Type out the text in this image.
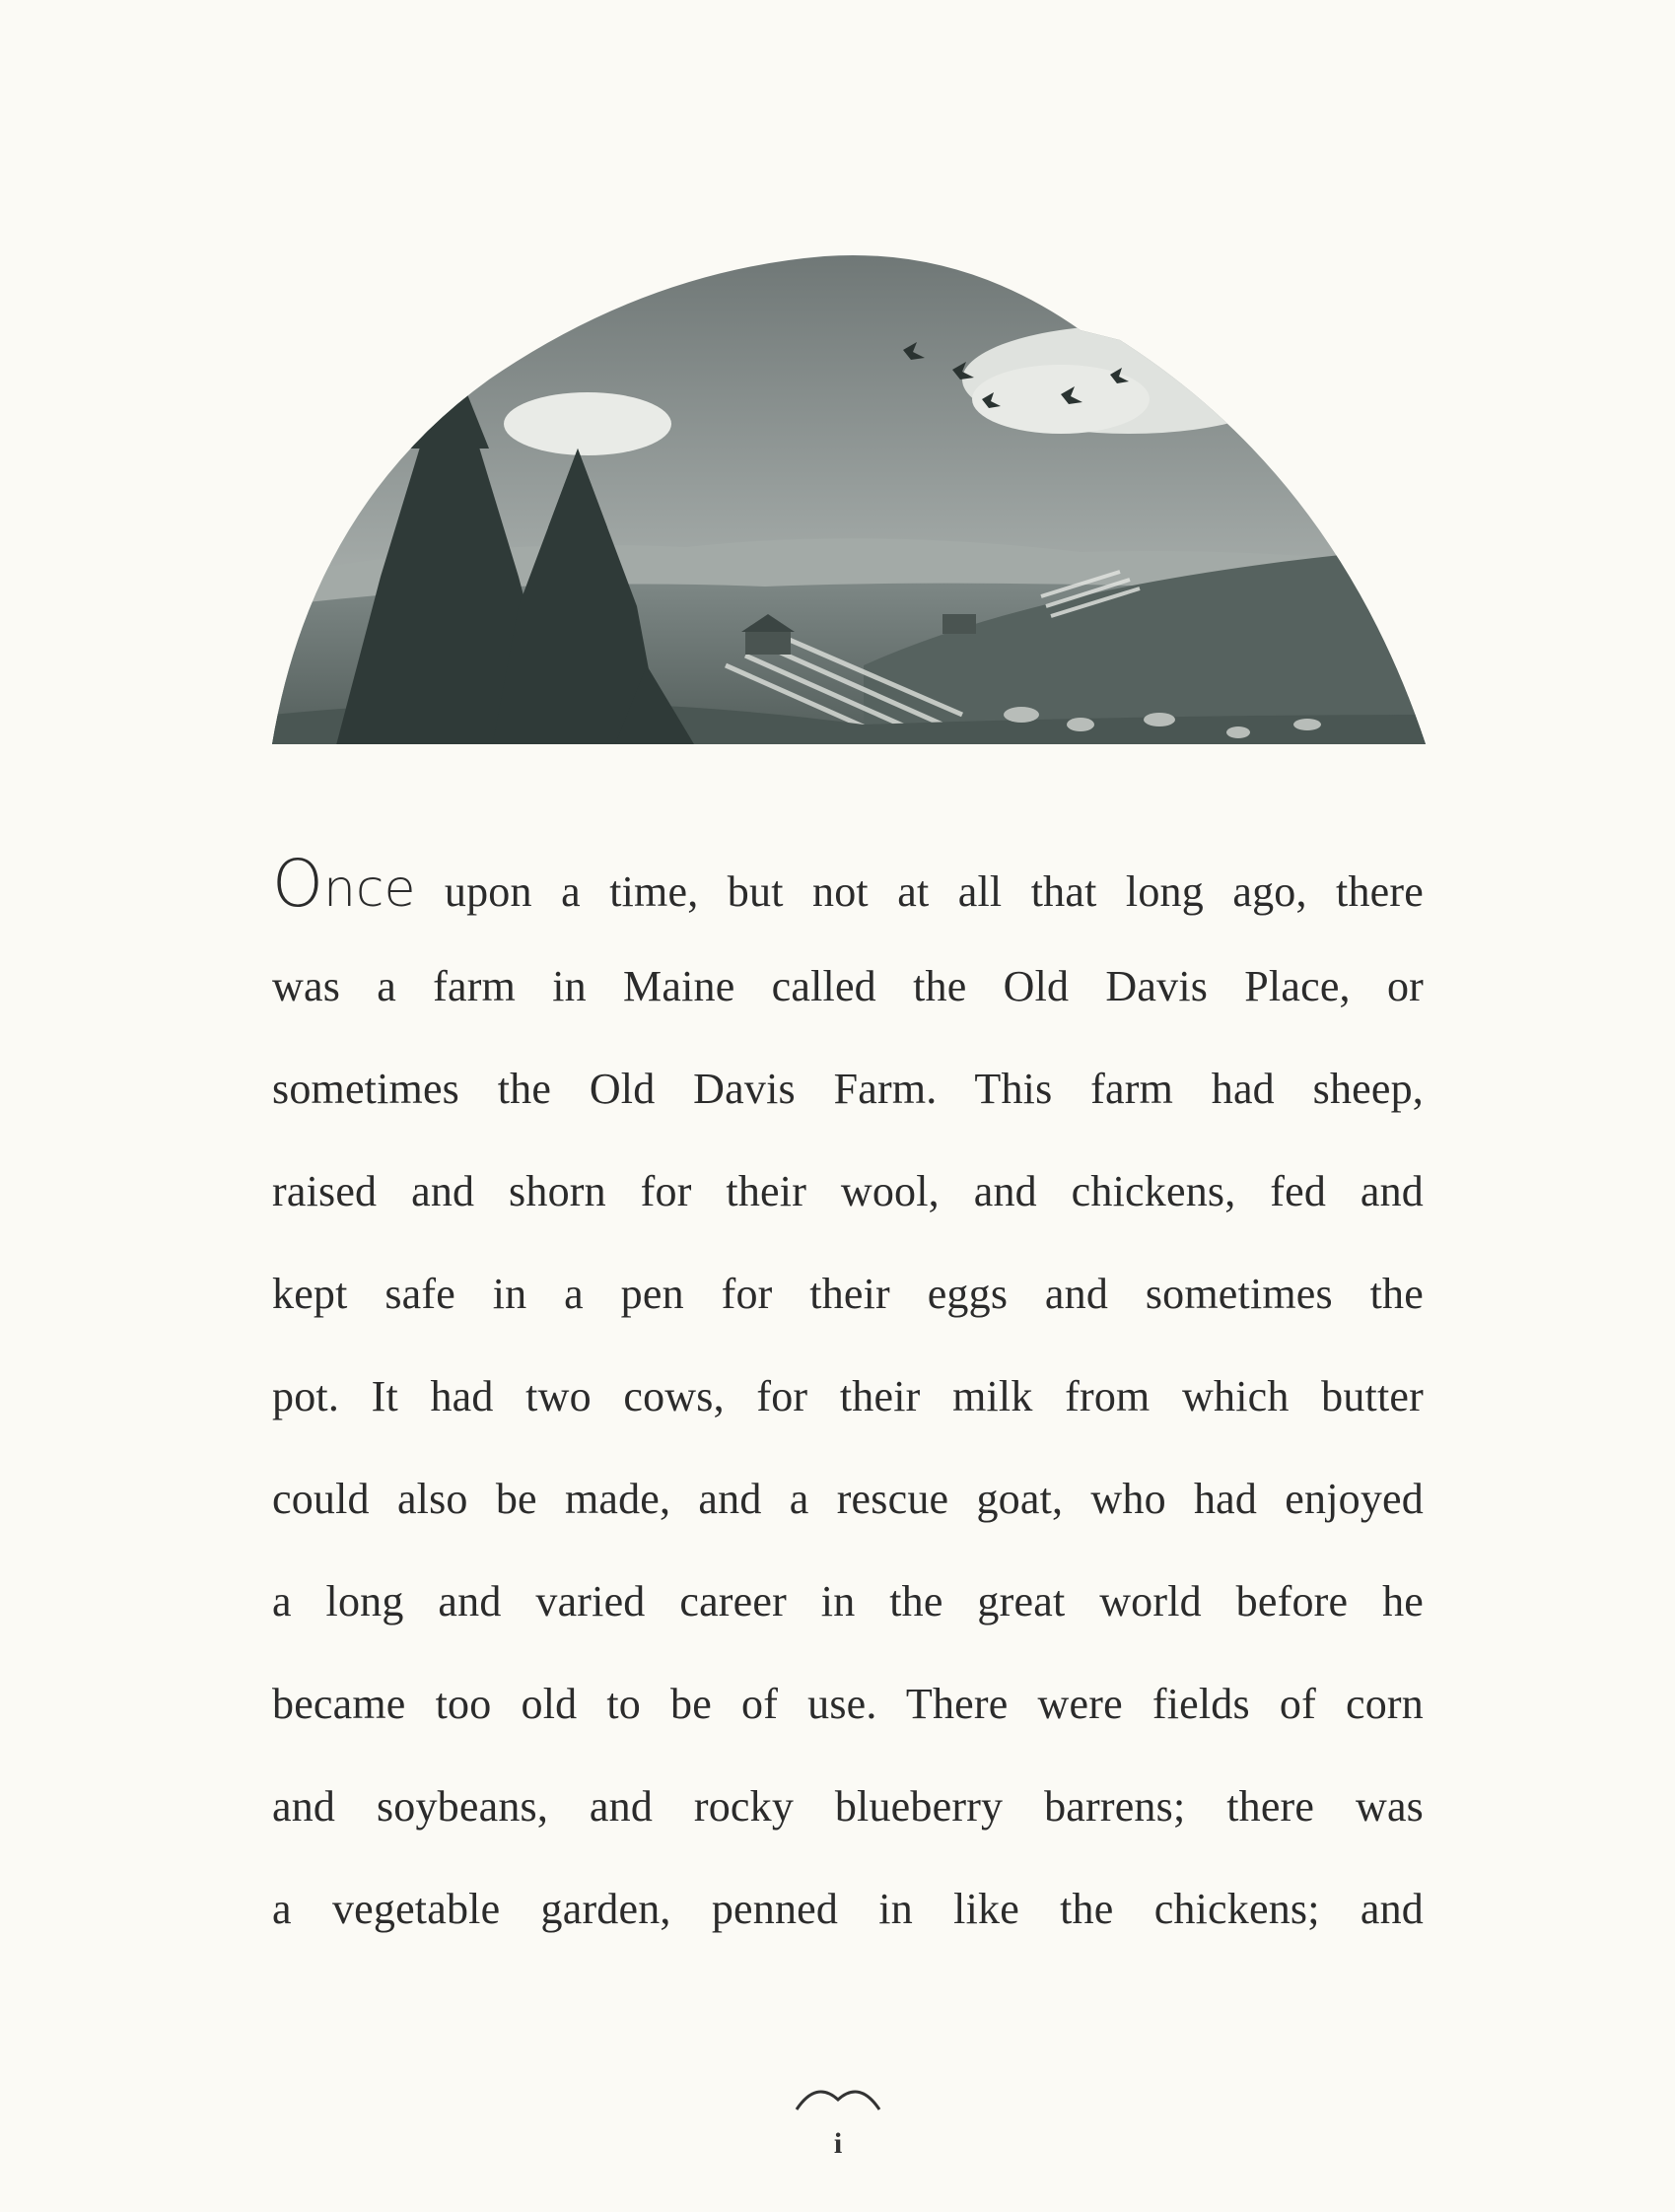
Once upon a time, but not at all that long ago, there
was a farm in Maine called the Old Davis Place, or
sometimes the Old Davis Farm. This farm had sheep,
raised and shorn for their wool, and chickens, fed and
kept safe in a pen for their eggs and sometimes the
pot. It had two cows, for their milk from which butter
could also be made, and a rescue goat, who had enjoyed
a long and varied career in the great world before he
became too old to be of use. There were fields of corn
and soybeans, and rocky blueberry barrens; there was
a vegetable garden, penned in like the chickens; and
i
